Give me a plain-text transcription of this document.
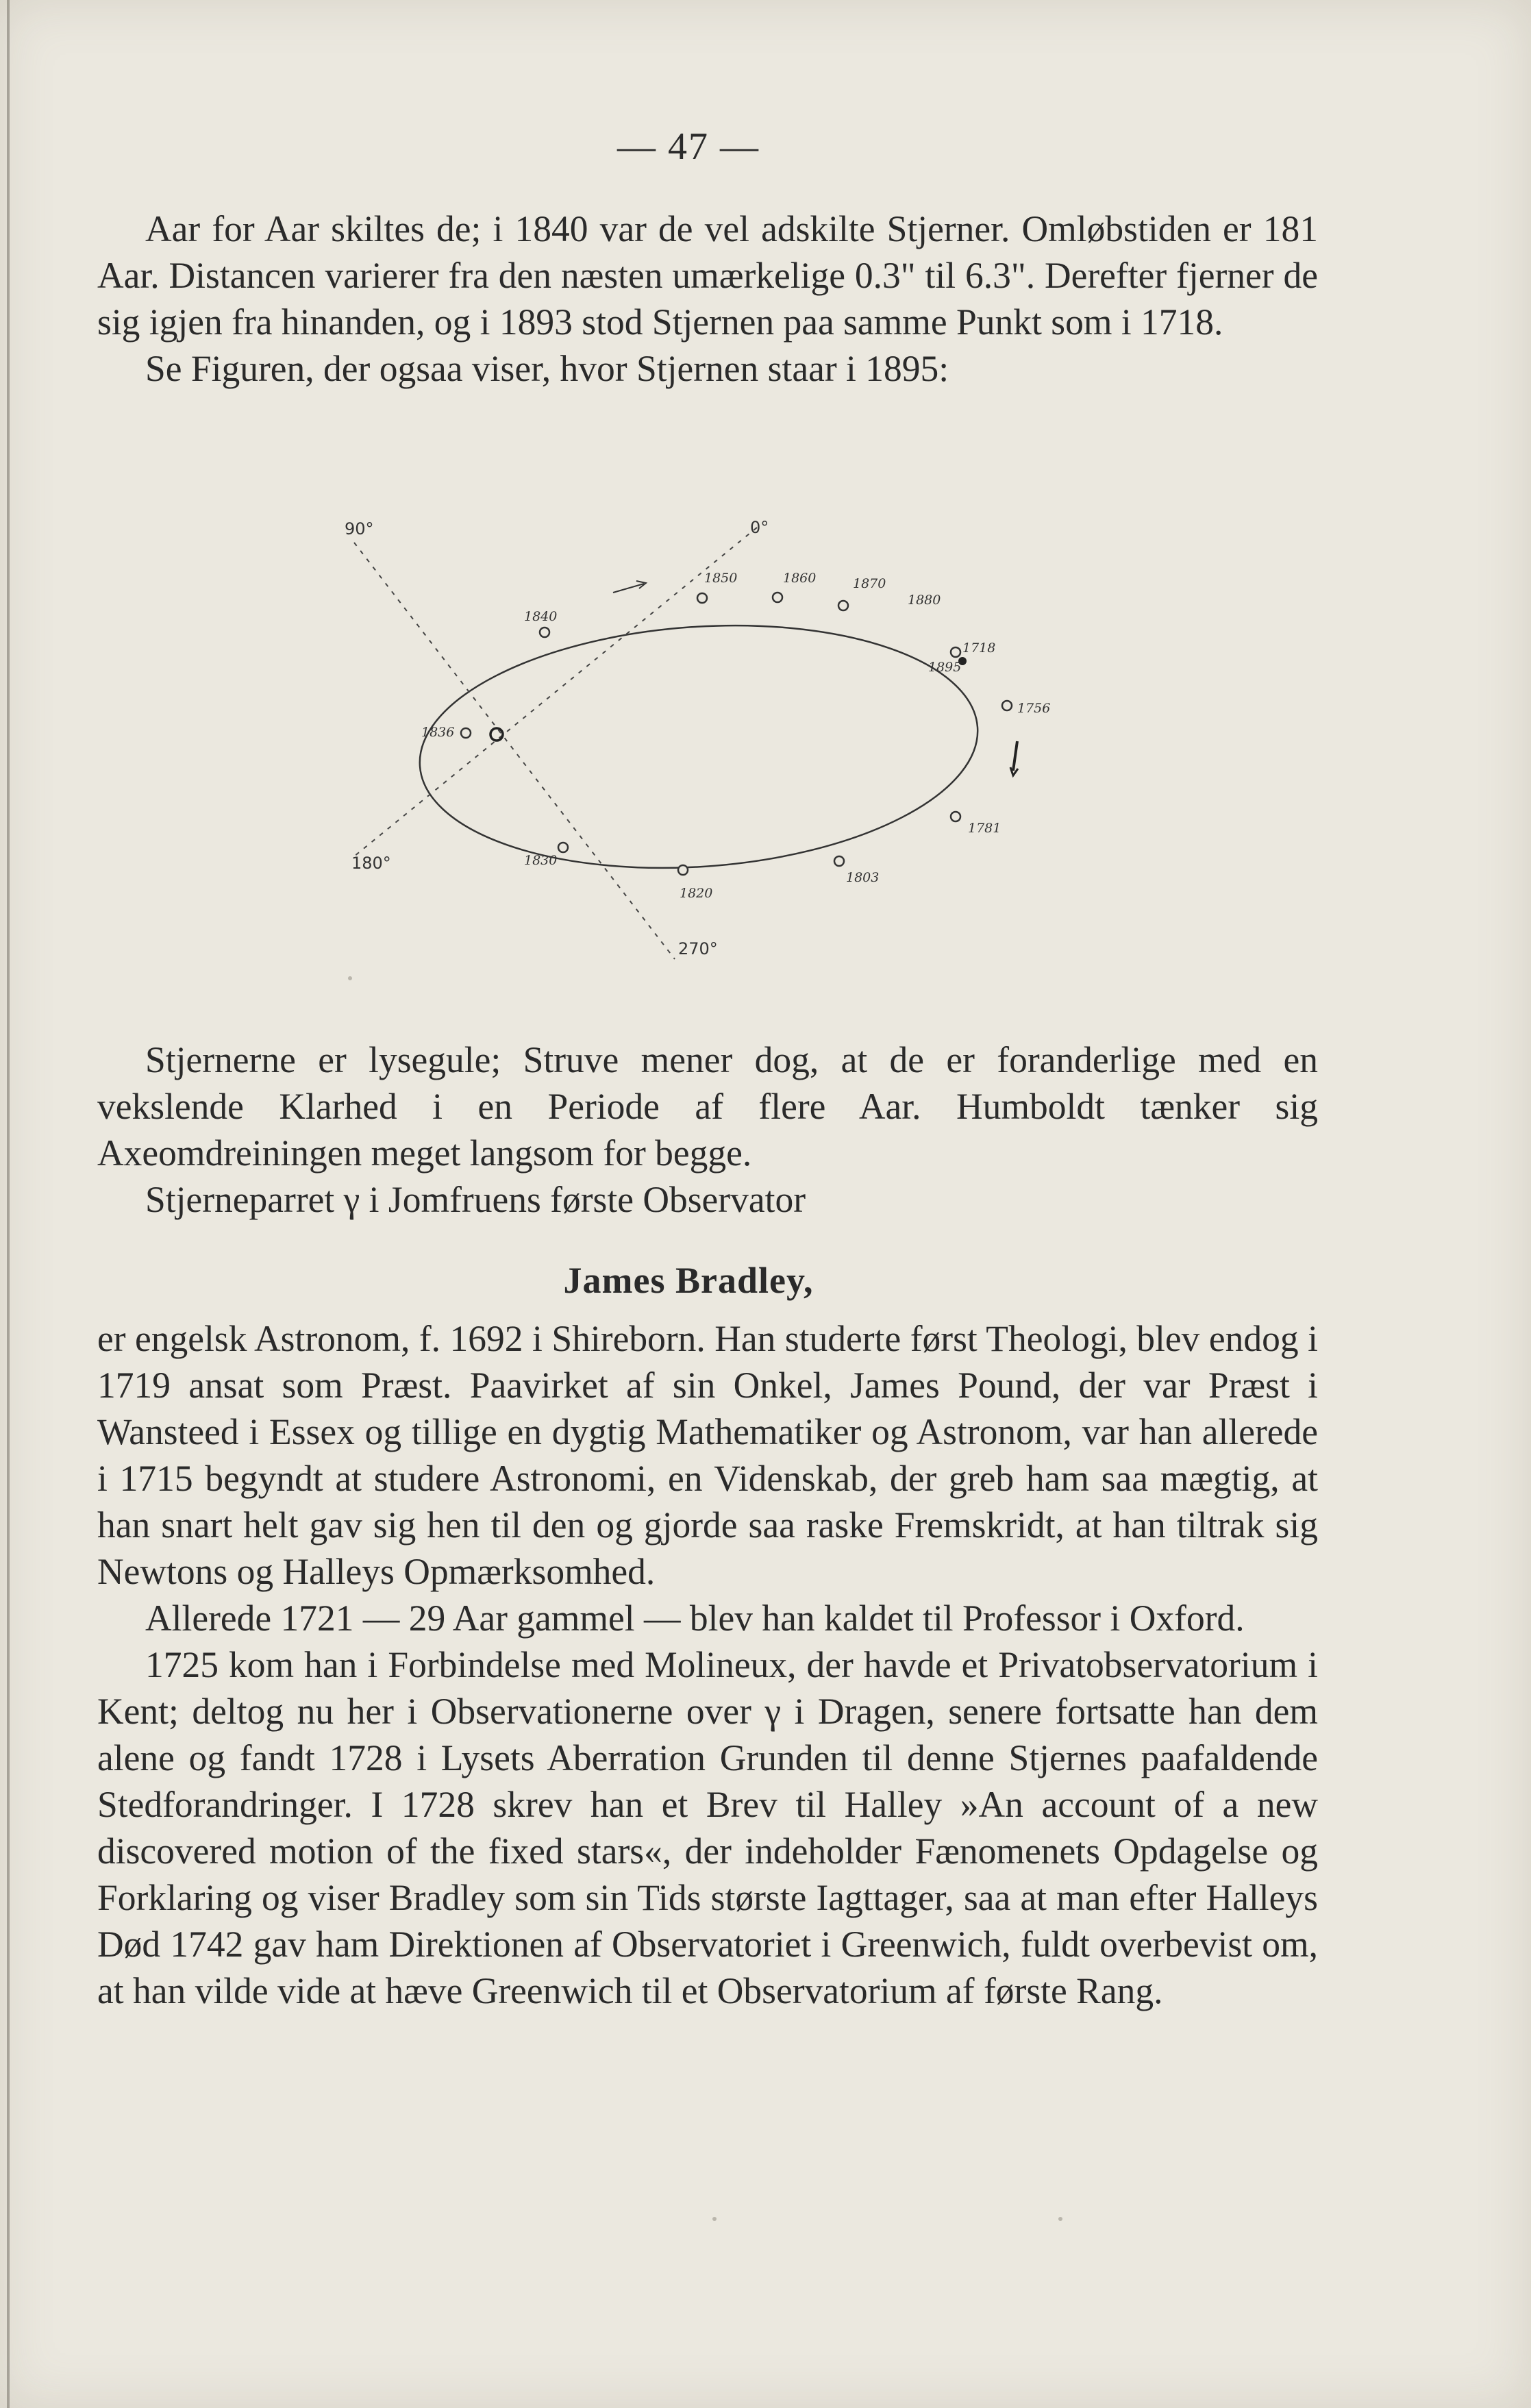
— 47 —

Aar for Aar skiltes de; i 1840 var de vel adskilte Stjerner. Omløbstiden er 181 Aar. Distancen varierer fra den næsten umærkelige 0.3" til 6.3". Derefter fjerner de sig igjen fra hinanden, og i 1893 stod Stjernen paa samme Punkt som i 1718.

Se Figuren, der ogsaa viser, hvor Stjernen staar i 1895:

90°	0°
180°
270°
1850	1860	1870
1880
1718
1895
1756
1781
1803
1820
1830
1836
1840

Stjernerne er lysegule; Struve mener dog, at de er foranderlige med en vekslende Klarhed i en Periode af flere Aar. Humboldt tænker sig Axeomdreiningen meget langsom for begge.

Stjerneparret γ i Jomfruens første Observator

James Bradley,

er engelsk Astronom, f. 1692 i Shireborn. Han studerte først Theologi, blev endog i 1719 ansat som Præst. Paavirket af sin Onkel, James Pound, der var Præst i Wansteed i Essex og tillige en dygtig Mathematiker og Astronom, var han allerede i 1715 begyndt at studere Astronomi, en Videnskab, der greb ham saa mægtig, at han snart helt gav sig hen til den og gjorde saa raske Fremskridt, at han tiltrak sig Newtons og Halleys Opmærksomhed.

Allerede 1721 — 29 Aar gammel — blev han kaldet til Professor i Oxford.

1725 kom han i Forbindelse med Molineux, der havde et Privatobservatorium i Kent; deltog nu her i Observationerne over γ i Dragen, senere fortsatte han dem alene og fandt 1728 i Lysets Aberration Grunden til denne Stjernes paafaldende Stedforandringer. I 1728 skrev han et Brev til Halley »An account of a new discovered motion of the fixed stars«, der indeholder Fænomenets Opdagelse og Forklaring og viser Bradley som sin Tids største Iagttager, saa at man efter Halleys Død 1742 gav ham Direktionen af Observatoriet i Greenwich, fuldt overbevist om, at han vilde vide at hæve Greenwich til et Observatorium af første Rang.
